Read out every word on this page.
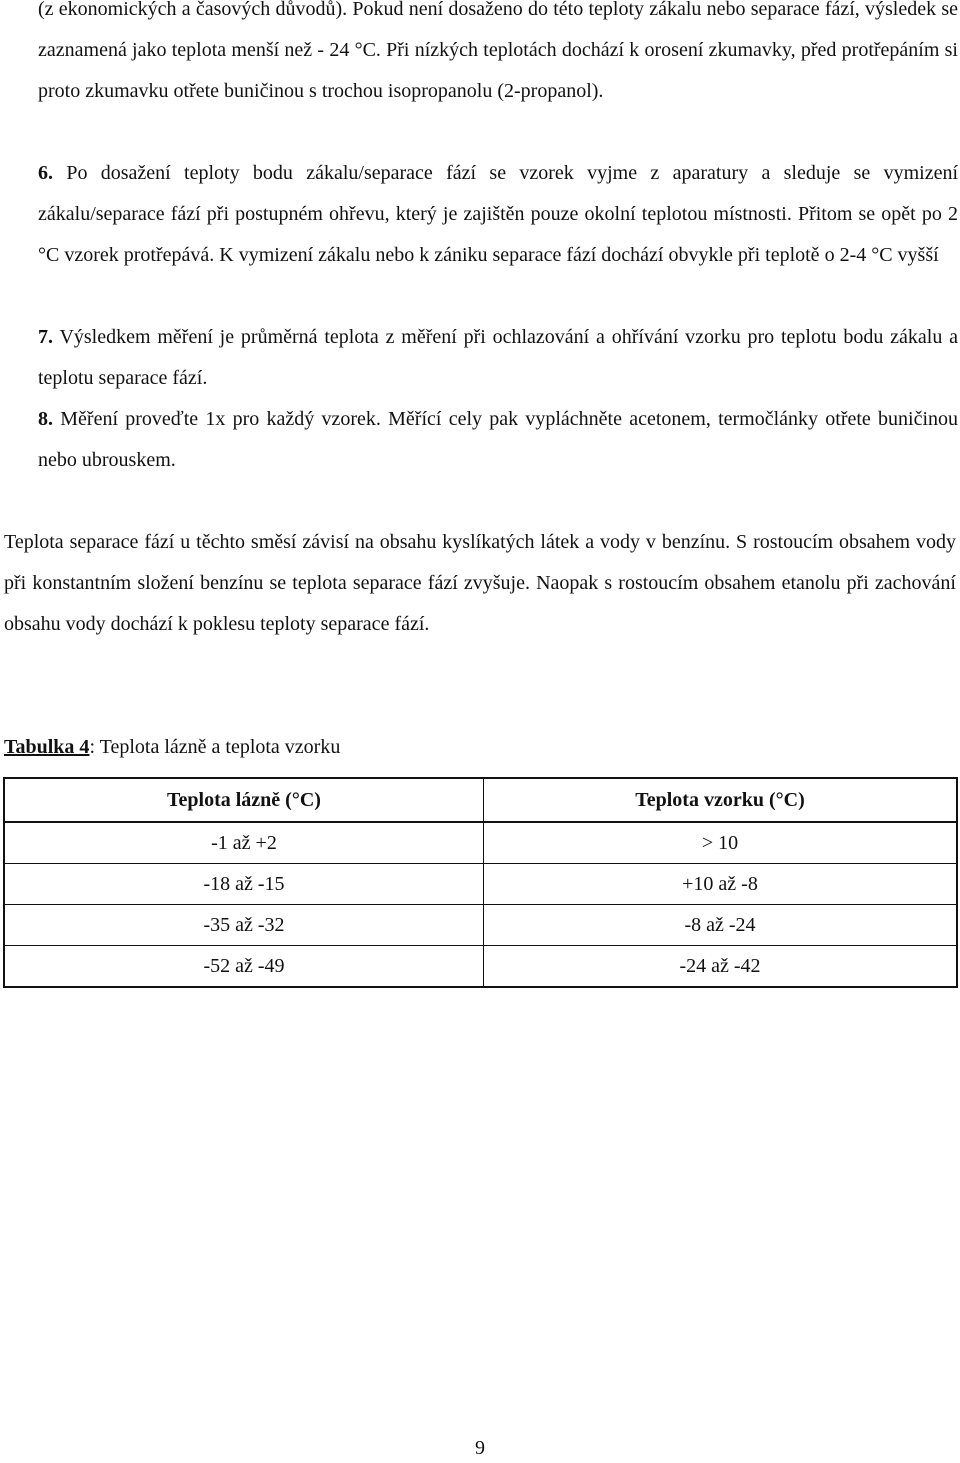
(z ekonomických a časových důvodů). Pokud není dosaženo do této teploty zákalu nebo separace fází, výsledek se zaznamená jako teplota menší než - 24 °C. Při nízkých teplotách dochází k orosení zkumavky, před protřepáním si proto zkumavku otřete buničinou s trochou isopropanolu (2-propanol).

6. Po dosažení teploty bodu zákalu/separace fází se vzorek vyjme z aparatury a sleduje se vymizení zákalu/separace fází při postupném ohřevu, který je zajištěn pouze okolní teplotou místnosti. Přitom se opět po 2 °C vzorek protřepává. K vymizení zákalu nebo k zániku separace fází dochází obvykle při teplotě o 2-4 °C vyšší

7. Výsledkem měření je průměrná teplota z měření při ochlazování a ohřívání vzorku pro teplotu bodu zákalu a teplotu separace fází.

8. Měření proveďte 1x pro každý vzorek. Měřící cely pak vypláchněte acetonem, termočlánky otřete buničinou nebo ubrouskem.

Teplota separace fází u těchto směsí závisí na obsahu kyslíkatých látek a vody v benzínu. S rostoucím obsahem vody při konstantním složení benzínu se teplota separace fází zvyšuje. Naopak s rostoucím obsahem etanolu při zachování obsahu vody dochází k poklesu teploty separace fází.

Tabulka 4: Teplota lázně a teplota vzorku

Teplota lázně (°C)	Teplota vzorku (°C)
-1 až +2	> 10
-18 až -15	+10 až -8
-35 až -32	-8 až -24
-52 až -49	-24 až -42
9
